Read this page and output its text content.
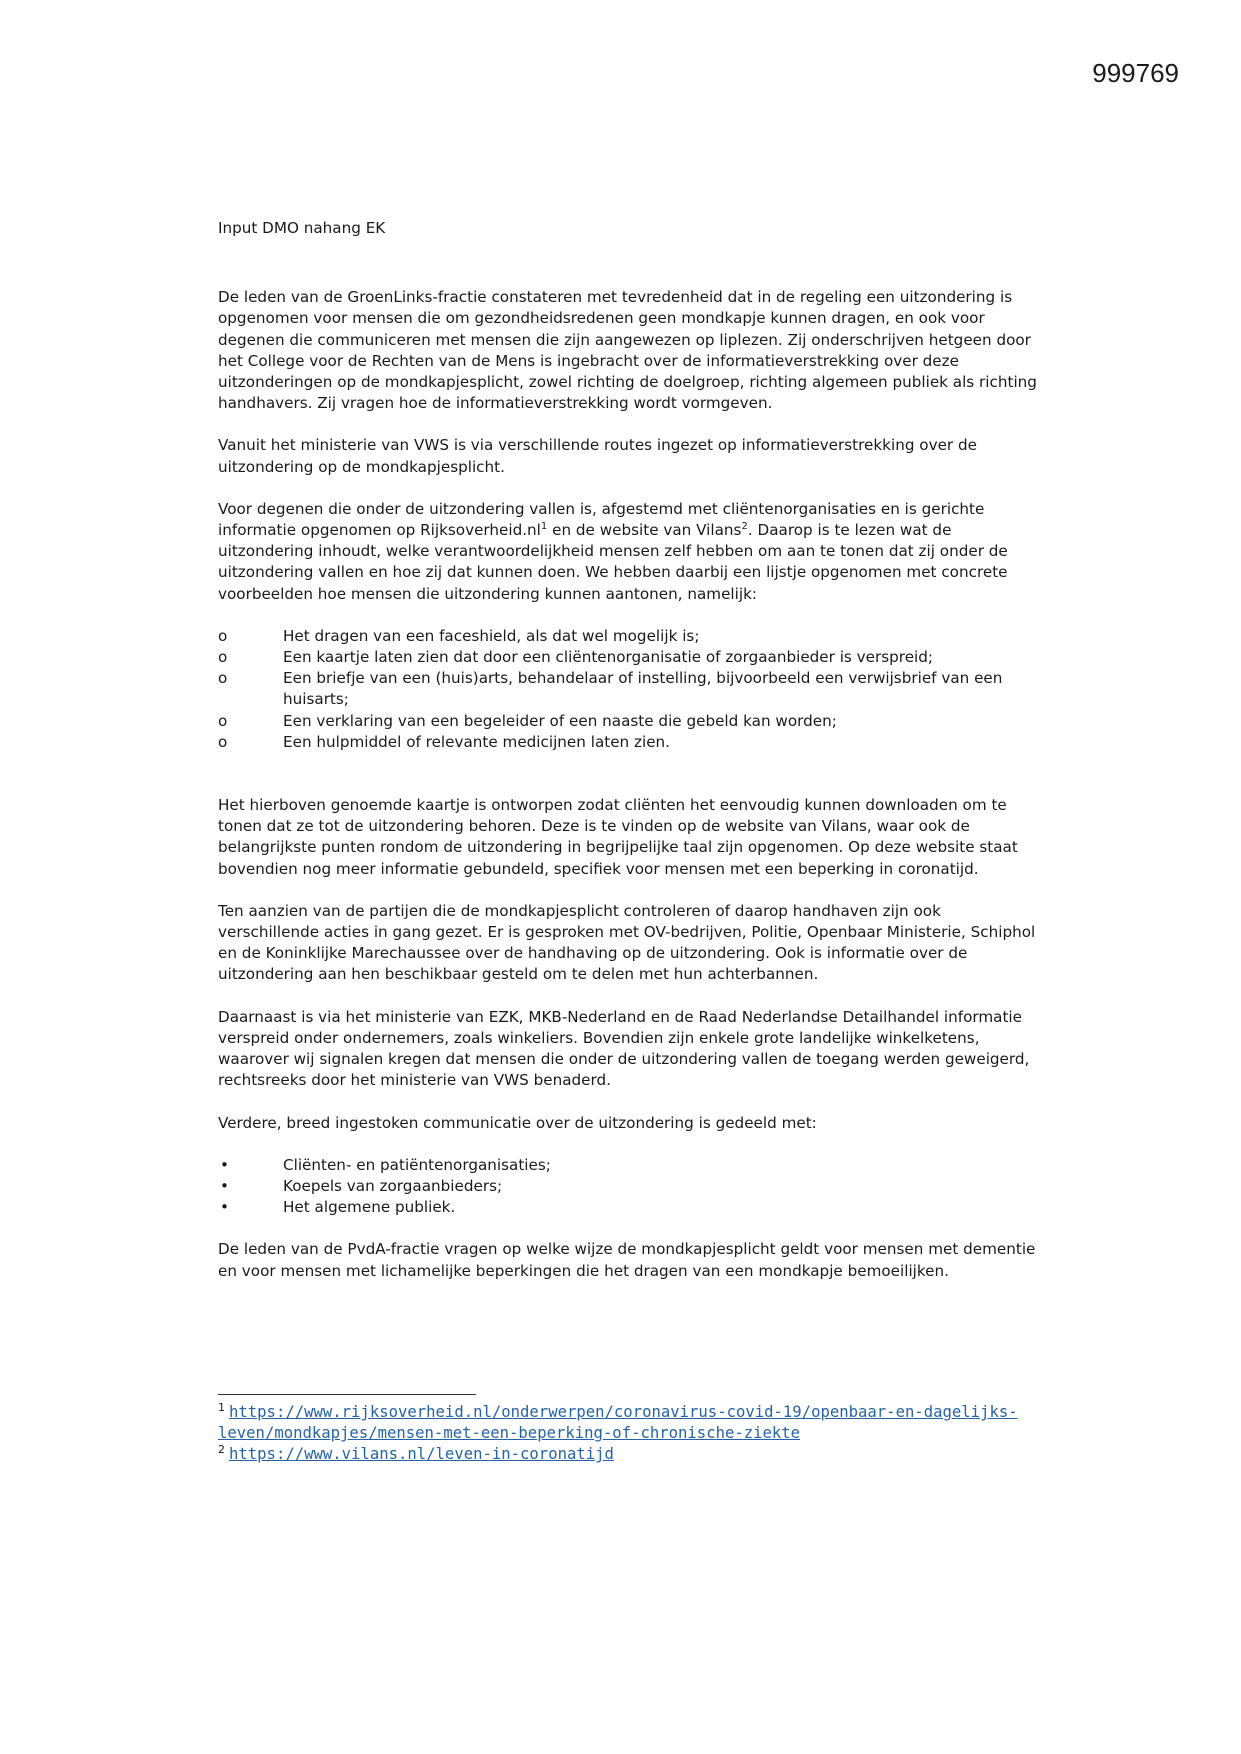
999769

Input DMO nahang EK

De leden van de GroenLinks-fractie constateren met tevredenheid dat in de regeling een uitzondering is opgenomen voor mensen die om gezondheidsredenen geen mondkapje kunnen dragen, en ook voor degenen die communiceren met mensen die zijn aangewezen op liplezen. Zij onderschrijven hetgeen door het College voor de Rechten van de Mens is ingebracht over de informatieverstrekking over deze uitzonderingen op de mondkapjesplicht, zowel richting de doelgroep, richting algemeen publiek als richting handhavers. Zij vragen hoe de informatieverstrekking wordt vormgeven.

Vanuit het ministerie van VWS is via verschillende routes ingezet op informatieverstrekking over de uitzondering op de mondkapjesplicht.

Voor degenen die onder de uitzondering vallen is, afgestemd met cliëntenorganisaties en is gerichte informatie opgenomen op $Rijksoverheid.nl^1$ en de website van Vilans$^2$. Daarop is te lezen wat de uitzondering inhoudt, welke verantwoordelijkheid mensen zelf hebben om aan te tonen dat zij onder de uitzondering vallen en hoe zij dat kunnen doen. We hebben daarbij een lijstje opgenomen met concrete voorbeelden hoe mensen die uitzondering kunnen aantonen, namelijk:

o	Het dragen van een faceshield, als dat wel mogelijk is;
o	Een kaartje laten zien dat door een cliëntenorganisatie of zorgaanbieder is verspreid;
o	Een briefje van een (huis)arts, behandelaar of instelling, bijvoorbeeld een verwijsbrief van een huisarts;
o	Een verklaring van een begeleider of een naaste die gebeld kan worden;
o	Een hulpmiddel of relevante medicijnen laten zien.

Het hierboven genoemde kaartje is ontworpen zodat cliënten het eenvoudig kunnen downloaden om te tonen dat ze tot de uitzondering behoren. Deze is te vinden op de website van Vilans, waar ook de belangrijkste punten rondom de uitzondering in begrijpelijke taal zijn opgenomen. Op deze website staat bovendien nog meer informatie gebundeld, specifiek voor mensen met een beperking in coronatijd.

Ten aanzien van de partijen die de mondkapjesplicht controleren of daarop handhaven zijn ook verschillende acties in gang gezet. Er is gesproken met OV-bedrijven, Politie, Openbaar Ministerie, Schiphol en de Koninklijke Marechaussee over de handhaving op de uitzondering. Ook is informatie over de uitzondering aan hen beschikbaar gesteld om te delen met hun achterbannen.

Daarnaast is via het ministerie van EZK, MKB-Nederland en de Raad Nederlandse Detailhandel informatie verspreid onder ondernemers, zoals winkeliers. Bovendien zijn enkele grote landelijke winkelketens, waarover wij signalen kregen dat mensen die onder de uitzondering vallen de toegang werden geweigerd, rechtsreeks door het ministerie van VWS benaderd.

Verdere, breed ingestoken communicatie over de uitzondering is gedeeld met:

•	Cliënten- en patiëntenorganisaties;
•	Koepels van zorgaanbieders;
•	Het algemene publiek.

De leden van de PvdA-fractie vragen op welke wijze de mondkapjesplicht geldt voor mensen met dementie en voor mensen met lichamelijke beperkingen die het dragen van een mondkapje bemoeilijken.

$^1$ https://www.rijksoverheid.nl/onderwerpen/coronavirus-covid-19/openbaar-en-dagelijks-leven/mondkapjes/mensen-met-een-beperking-of-chronische-ziekte

$^2$ https://www.vilans.nl/leven-in-coronatijd
